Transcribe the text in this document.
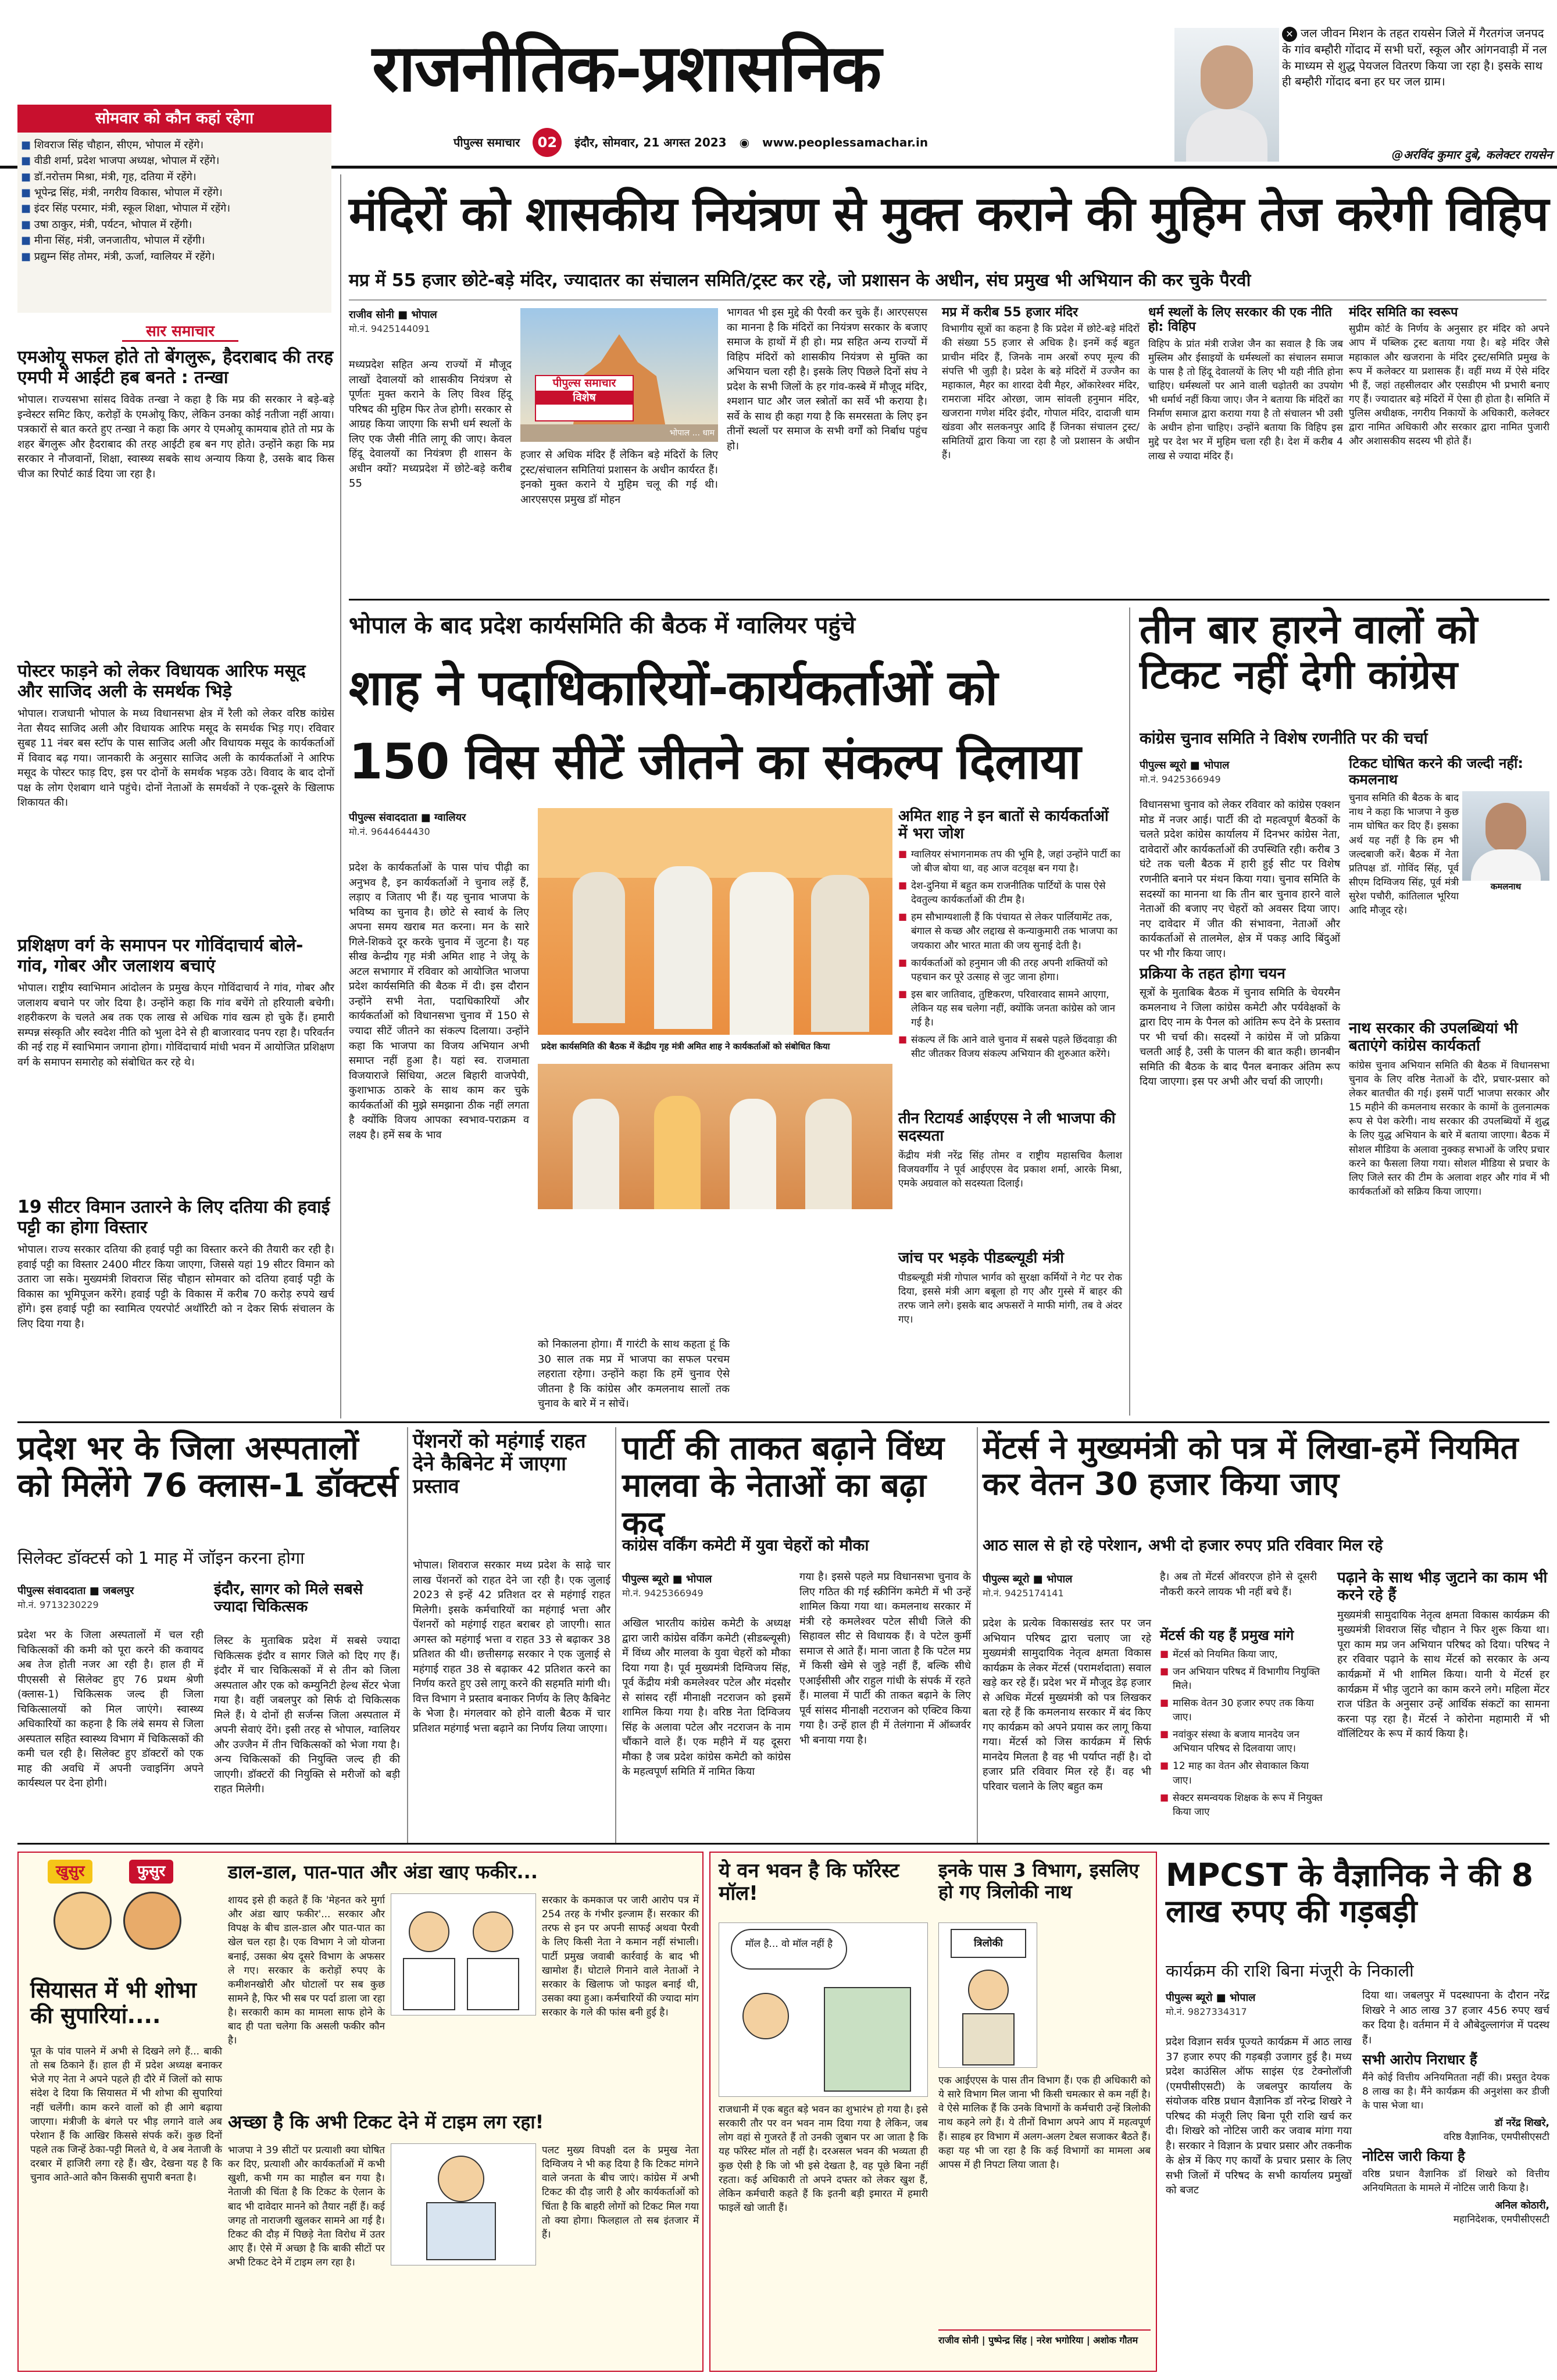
राजनीतिक-प्रशासनिक
पीपुल्स समाचार	02	इंदौर, सोमवार, 21 अगस्त 2023 ◉ www.peoplessamachar.in
✕ जल जीवन मिशन के तहत रायसेन जिले में गैरतगंज जनपद के गांव बम्हौरी गोंदाद में सभी घरों, स्कूल और आंगनवाड़ी में नल के माध्यम से शुद्ध पेयजल वितरण किया जा रहा है। इसके साथ ही बम्हौरी गोंदाद बना हर घर जल ग्राम।
@अरविंद कुमार दुबे, कलेक्टर रायसेन
सोमवार को कौन कहां रहेगा
■ शिवराज सिंह चौहान, सीएम, भोपाल में रहेंगे।
■ वीडी शर्मा, प्रदेश भाजपा अध्यक्ष, भोपाल में रहेंगे।
■ डॉ.नरोत्तम मिश्रा, मंत्री, गृह, दतिया में रहेंगे।
■ भूपेन्द्र सिंह, मंत्री, नगरीय विकास, भोपाल में रहेंगे।
■ इंदर सिंह परमार, मंत्री, स्कूल शिक्षा, भोपाल में रहेंगे।
■ उषा ठाकुर, मंत्री, पर्यटन, भोपाल में रहेंगी।
■ मीना सिंह, मंत्री, जनजातीय, भोपाल में रहेंगी।
■ प्रद्युम्न सिंह तोमर, मंत्री, ऊर्जा, ग्वालियर में रहेंगे।
सार समाचार
एमओयू सफल होते तो बेंगलुरू, हैदराबाद की तरह एमपी में आईटी हब बनते : तन्खा

भोपाल। राज्यसभा सांसद विवेक तन्खा ने कहा है कि मप्र की सरकार ने बड़े-बड़े इन्वेस्टर समिट किए, करोड़ों के एमओयू किए, लेकिन उनका कोई नतीजा नहीं आया। पत्रकारों से बात करते हुए तन्खा ने कहा कि अगर ये एमओयू कामयाब होते तो मप्र के शहर बेंगलुरू और हैदराबाद की तरह आईटी हब बन गए होते। उन्होंने कहा कि मप्र सरकार ने नौजवानों, शिक्षा, स्वास्थ्य सबके साथ अन्याय किया है, उसके बाद किस चीज का रिपोर्ट कार्ड दिया जा रहा है।

पोस्टर फाड़ने को लेकर विधायक आरिफ मसूद और साजिद अली के समर्थक भिड़े

भोपाल। राजधानी भोपाल के मध्य विधानसभा क्षेत्र में रैली को लेकर वरिष्ठ कांग्रेस नेता सैयद साजिद अली और विधायक आरिफ मसूद के समर्थक भिड़ गए। रविवार सुबह 11 नंबर बस स्टॉप के पास साजिद अली और विधायक मसूद के कार्यकर्ताओं में विवाद बढ़ गया। जानकारी के अनुसार साजिद अली के कार्यकर्ताओं ने आरिफ मसूद के पोस्टर फाड़ दिए, इस पर दोनों के समर्थक भड़क उठे। विवाद के बाद दोनों पक्ष के लोग ऐशबाग थाने पहुंचे। दोनों नेताओं के समर्थकों ने एक-दूसरे के खिलाफ शिकायत की।

प्रशिक्षण वर्ग के समापन पर गोविंदाचार्य बोले- गांव, गोबर और जलाशय बचाएं

भोपाल। राष्ट्रीय स्वाभिमान आंदोलन के प्रमुख केएन गोविंदाचार्य ने गांव, गोबर और जलाशय बचाने पर जोर दिया है। उन्होंने कहा कि गांव बचेंगे तो हरियाली बचेगी। शहरीकरण के चलते अब तक एक लाख से अधिक गांव खत्म हो चुके हैं। हमारी सम्पन्न संस्कृति और स्वदेश नीति को भुला देने से ही बाजारवाद पनप रहा है। परिवर्तन की नई राह में स्वाभिमान जगाना होगा। गोविंदाचार्य मांधी भवन में आयोजित प्रशिक्षण वर्ग के समापन समारोह को संबोधित कर रहे थे।

19 सीटर विमान उतारने के लिए दतिया की हवाई पट्टी का होगा विस्तार

भोपाल। राज्य सरकार दतिया की हवाई पट्टी का विस्तार करने की तैयारी कर रही है। हवाई पट्टी का विस्तार 2400 मीटर किया जाएगा, जिससे यहां 19 सीटर विमान को उतारा जा सके। मुख्यमंत्री शिवराज सिंह चौहान सोमवार को दतिया हवाई पट्टी के विकास का भूमिपूजन करेंगे। हवाई पट्टी के विकास में करीब 70 करोड़ रुपये खर्च होंगे। इस हवाई पट्टी का स्वामित्व एयरपोर्ट अथॉरिटी को न देकर सिर्फ संचालन के लिए दिया गया है।

मंदिरों को शासकीय नियंत्रण से मुक्त कराने की मुहिम तेज करेगी विहिप
मप्र में 55 हजार छोटे-बड़े मंदिर, ज्यादातर का संचालन समिति/ट्रस्ट कर रहे, जो प्रशासन के अधीन, संघ प्रमुख भी अभियान की कर चुके पैरवी
राजीव सोनी ■ भोपाल
मो.नं. 9425144091

मध्यप्रदेश सहित अन्य राज्यों में मौजूद लाखों देवालयों को शासकीय नियंत्रण से पूर्णतः मुक्त कराने के लिए विश्व हिंदू परिषद की मुहिम फिर तेज होगी। सरकार से आग्रह किया जाएगा कि सभी धर्म स्थलों के लिए एक जैसी नीति लागू की जाए। केवल हिंदू देवालयों का नियंत्रण ही शासन के अधीन क्यों? मध्यप्रदेश में छोटे-बड़े करीब 55

भोपाल ... धाम
पीपुल्स समाचार
विशेष

हजार से अधिक मंदिर हैं लेकिन बड़े मंदिरों के लिए ट्रस्ट/संचालन समितियां प्रशासन के अधीन कार्यरत हैं। इनको मुक्त कराने ये मुहिम चलू की गई थी। आरएसएस प्रमुख डॉ मोहन

भागवत भी इस मुद्दे की पैरवी कर चुके हैं। आरएसएस का मानना है कि मंदिरों का नियंत्रण सरकार के बजाए समाज के हाथों में ही हो। मप्र सहित अन्य राज्यों में विहिप मंदिरों को शासकीय नियंत्रण से मुक्ति का अभियान चला रही है। इसके लिए पिछले दिनों संघ ने प्रदेश के सभी जिलों के हर गांव-कस्बे में मौजूद मंदिर, श्मशान घाट और जल स्त्रोतों का सर्वे भी कराया है। सर्वे के साथ ही कहा गया है कि समरसता के लिए इन तीनों स्थलों पर समाज के सभी वर्गों को निर्बाध पहुंच हो।

मप्र में करीब 55 हजार मंदिर

विभागीय सूत्रों का कहना है कि प्रदेश में छोटे-बड़े मंदिरों की संख्या 55 हजार से अधिक है। इनमें कई बहुत प्राचीन मंदिर हैं, जिनके नाम अरबों रुपए मूल्य की संपत्ति भी जुड़ी है। प्रदेश के बड़े मंदिरों में उज्जैन का महाकाल, मैहर का शारदा देवी मैहर, ओंकारेश्वर मंदिर, रामराजा मंदिर ओरछा, जाम सांवली हनुमान मंदिर, खजराना गणेश मंदिर इंदौर, गोपाल मंदिर, दादाजी धाम खंडवा और सलकनपुर आदि हैं जिनका संचालन ट्रस्ट/समितियों द्वारा किया जा रहा है जो प्रशासन के अधीन हैं।

धर्म स्थलों के लिए सरकार की एक नीति हो: विहिप

विहिप के प्रांत मंत्री राजेश जैन का सवाल है कि जब मुस्लिम और ईसाइयों के धर्मस्थलों का संचालन समाज के पास है तो हिंदू देवालयों के लिए भी यही नीति होना चाहिए। धर्मस्थलों पर आने वाली चढ़ोतरी का उपयोग भी धर्मार्थ नहीं किया जाए। जैन ने बताया कि मंदिरों का निर्माण समाज द्वारा कराया गया है तो संचालन भी उसी के अधीन होना चाहिए। उन्होंने बताया कि विहिप इस मुद्दे पर देश भर में मुहिम चला रही है। देश में करीब 4 लाख से ज्यादा मंदिर हैं।

मंदिर समिति का स्वरूप

सुप्रीम कोर्ट के निर्णय के अनुसार हर मंदिर को अपने आप में पब्लिक ट्रस्ट बताया गया है। बड़े मंदिर जैसे महाकाल और खजराना के मंदिर ट्रस्ट/समिति प्रमुख के रूप में कलेक्टर या प्रशासक हैं। वहीं मध्य में ऐसे मंदिर भी हैं, जहां तहसीलदार और एसडीएम भी प्रभारी बनाए गए हैं। ज्यादातर बड़े मंदिरों में ऐसा ही होता है। समिति में पुलिस अधीक्षक, नगरीय निकायों के अधिकारी, कलेक्टर द्वारा नामित अधिकारी और सरकार द्वारा नामित पुजारी और अशासकीय सदस्य भी होते हैं।

भोपाल के बाद प्रदेश कार्यसमिति की बैठक में ग्वालियर पहुंचे
शाह ने पदाधिकारियों-कार्यकर्ताओं को
150 विस सीटें जीतने का संकल्प दिलाया
पीपुल्स संवाददाता ■ ग्वालियर
मो.नं. 9644644430

प्रदेश के कार्यकर्ताओं के पास पांच पीढ़ी का अनुभव है, इन कार्यकर्ताओं ने चुनाव लड़ें हैं, लड़ाए व जिताए भी हैं। यह चुनाव भाजपा के भविष्य का चुनाव है। छोटे से स्वार्थ के लिए अपना समय खराब मत करना। मन के सारे गिले-शिकवे दूर करके चुनाव में जुटना है। यह सीख केन्द्रीय गृह मंत्री अमित शाह ने जेयू के अटल सभागार में रविवार को आयोजित भाजपा प्रदेश कार्यसमिति की बैठक में दी। इस दौरान उन्होंने सभी नेता, पदाधिकारियों और कार्यकर्ताओं को विधानसभा चुनाव में 150 से ज्यादा सीटें जीतने का संकल्प दिलाया। उन्होंने कहा कि भाजपा का विजय अभियान अभी समाप्त नहीं हुआ है। यहां स्व. राजमाता विजयाराजे सिंधिया, अटल बिहारी वाजपेयी, कुशाभाऊ ठाकरे के साथ काम कर चुके कार्यकर्ताओं की मुझे समझाना ठीक नहीं लगता है क्योंकि विजय आपका स्वभाव-पराक्रम व लक्ष्य है। हमें सब के भाव

प्रदेश कार्यसमिति की बैठक में केंद्रीय गृह मंत्री अमित शाह ने कार्यकर्ताओं को संबोधित किया

को निकालना होगा। मैं गारंटी के साथ कहता हूं कि 30 साल तक मप्र में भाजपा का सफल परचम लहराता रहेगा। उन्होंने कहा कि हमें चुनाव ऐसे जीतना है कि कांग्रेस और कमलनाथ सालों तक चुनाव के बारे में न सोचें।

अमित शाह ने इन बातों से कार्यकर्ताओं में भरा जोश
■ ग्वालियर संभागनामक तप की भूमि है, जहां उन्होंने पार्टी का जो बीज बोया था, वह आज वटवृक्ष बन गया है।
■ देश-दुनिया में बहुत कम राजनीतिक पार्टियों के पास ऐसे देवतुल्य कार्यकर्ताओं की टीम है।
■ हम सौभाग्यशाली हैं कि पंचायत से लेकर पार्लियामेंट तक, बंगाल से कच्छ और लद्दाख से कन्याकुमारी तक भाजपा का जयकारा और भारत माता की जय सुनाई देती है।
■ कार्यकर्ताओं को हनुमान जी की तरह अपनी शक्तियों को पहचान कर पूरे उत्साह से जुट जाना होगा।
■ इस बार जातिवाद, तुष्टिकरण, परिवारवाद सामने आएगा, लेकिन यह सब चलेगा नहीं, क्योंकि जनता कांग्रेस को जान गई है।
■ संकल्प लें कि आने वाले चुनाव में सबसे पहले छिंदवाड़ा की सीट जीतकर विजय संकल्प अभियान की शुरुआत करेंगे।
तीन रिटायर्ड आईएएस ने ली भाजपा की सदस्यता

केंद्रीय मंत्री नरेंद्र सिंह तोमर व राष्ट्रीय महासचिव कैलाश विजयवर्गीय ने पूर्व आईएएस वेद प्रकाश शर्मा, आरके मिश्रा, एमके अग्रवाल को सदस्यता दिलाई।

जांच पर भड़के पीडब्ल्यूडी मंत्री

पीडब्ल्यूडी मंत्री गोपाल भार्गव को सुरक्षा कर्मियों ने गेट पर रोक दिया, इससे मंत्री आग बबूला हो गए और गुस्से में बाहर की तरफ जाने लगे। इसके बाद अफसरों ने माफी मांगी, तब वे अंदर गए।

तीन बार हारने वालों को टिकट नहीं देगी कांग्रेस
कांग्रेस चुनाव समिति ने विशेष रणनीति पर की चर्चा
पीपुल्स ब्यूरो ■ भोपाल
मो.नं. 9425366949

विधानसभा चुनाव को लेकर रविवार को कांग्रेस एक्शन मोड में नजर आई। पार्टी की दो महत्वपूर्ण बैठकों के चलते प्रदेश कांग्रेस कार्यालय में दिनभर कांग्रेस नेता, दावेदारों और कार्यकर्ताओं की उपस्थिति रही। करीब 3 घंटे तक चली बैठक में हारी हुई सीट पर विशेष रणनीति बनाने पर मंथन किया गया। चुनाव समिति के सदस्यों का मानना था कि तीन बार चुनाव हारने वाले नेताओं की बजाए नए चेहरों को अवसर दिया जाए। नए दावेदार में जीत की संभावना, नेताओं और कार्यकर्ताओं से तालमेल, क्षेत्र में पकड़ आदि बिंदुओं पर भी गौर किया जाए।

प्रक्रिया के तहत होगा चयन

सूत्रों के मुताबिक बैठक में चुनाव समिति के चेयरमैन कमलनाथ ने जिला कांग्रेस कमेटी और पर्यवेक्षकों के द्वारा दिए नाम के पैनल को आंतिम रूप देने के प्रस्ताव पर भी चर्चा की। सदस्यों ने कांग्रेस में जो प्रक्रिया चलती आई है, उसी के पालन की बात कही। छानबीन समिति की बैठक के बाद पैनल बनाकर अंतिम रूप दिया जाएगा। इस पर अभी और चर्चा की जाएगी।

टिकट घोषित करने की जल्दी नहीं: कमलनाथ
कमलनाथ

चुनाव समिति की बैठक के बाद नाथ ने कहा कि भाजपा ने कुछ नाम घोषित कर दिए हैं। इसका अर्थ यह नहीं है कि हम भी जल्दबाजी करें। बैठक में नेता प्रतिपक्ष डॉ. गोविंद सिंह, पूर्व सीएम दिग्विजय सिंह, पूर्व मंत्री सुरेश पचौरी, कांतिलाल भूरिया आदि मौजूद रहे।

नाथ सरकार की उपलब्धियां भी बताएंगे कांग्रेस कार्यकर्ता

कांग्रेस चुनाव अभियान समिति की बैठक में विधानसभा चुनाव के लिए वरिष्ठ नेताओं के दौरे, प्रचार-प्रसार को लेकर बातचीत की गई। इसमें पार्टी भाजपा सरकार और 15 महीने की कमलनाथ सरकार के कामों के तुलनात्मक रूप से पेश करेगी। नाथ सरकार की उपलब्धियों में शुद्ध के लिए युद्ध अभियान के बारे में बताया जाएगा। बैठक में सोशल मीडिया के अलावा नुक्कड़ सभाओं के जरिए प्रचार करने का फैसला लिया गया। सोशल मीडिया से प्रचार के लिए जिले स्तर की टीम के अलावा शहर और गांव में भी कार्यकर्ताओं को सक्रिय किया जाएगा।

प्रदेश भर के जिला अस्पतालों को मिलेंगे 76 क्लास-1 डॉक्टर्स
सिलेक्ट डॉक्टर्स को 1 माह में जॉइन करना होगा
पीपुल्स संवाददाता ■ जबलपुर
मो.नं. 9713230229

प्रदेश भर के जिला अस्पतालों में चल रही चिकित्सकों की कमी को पूरा करने की कवायद अब तेज होती नजर आ रही है। हाल ही में पीएससी से सिलेक्ट हुए 76 प्रथम श्रेणी (क्लास-1) चिकित्सक जल्द ही जिला चिकित्सालयों को मिल जाएंगे। स्वास्थ्य अधिकारियों का कहना है कि लंबे समय से जिला अस्पताल सहित स्वास्थ्य विभाग में चिकित्सकों की कमी चल रही है। सिलेक्ट हुए डॉक्टरों को एक माह की अवधि में अपनी ज्वाइनिंग अपने कार्यस्थल पर देना होगी।

इंदौर, सागर को मिले सबसे ज्यादा चिकित्सक

लिस्ट के मुताबिक प्रदेश में सबसे ज्यादा चिकित्सक इंदौर व सागर जिले को दिए गए हैं। इंदौर में चार चिकित्सकों में से तीन को जिला अस्पताल और एक को कम्युनिटी हेल्थ सेंटर भेजा गया है। वहीं जबलपुर को सिर्फ दो चिकित्सक मिले हैं। ये दोनों ही सर्जन्स जिला अस्पताल में अपनी सेवाएं देंगे। इसी तरह से भोपाल, ग्वालियर और उज्जैन में तीन चिकित्सकों को भेजा गया है। अन्य चिकित्सकों की नियुक्ति जल्द ही की जाएगी। डॉक्टरों की नियुक्ति से मरीजों को बड़ी राहत मिलेगी।

पेंशनरों को महंगाई राहत देने कैबिनेट में जाएगा प्रस्ताव

भोपाल। शिवराज सरकार मध्य प्रदेश के साढ़े चार लाख पेंशनरों को राहत देने जा रही है। एक जुलाई 2023 से इन्हें 42 प्रतिशत दर से महंगाई राहत मिलेगी। इसके कर्मचारियों का महंगाई भत्ता और पेंशनरों को महंगाई राहत बराबर हो जाएगी। सात अगस्त को महंगाई भत्ता व राहत 33 से बढ़ाकर 38 प्रतिशत की थी। छत्तीसगढ़ सरकार ने एक जुलाई से महंगाई राहत 38 से बढ़ाकर 42 प्रतिशत करने का निर्णय करते हुए उसे लागू करने की सहमति मांगी थी। वित्त विभाग ने प्रस्ताव बनाकर निर्णय के लिए कैबिनेट के भेजा है। मंगलवार को होने वाली बैठक में चार प्रतिशत महंगाई भत्ता बढ़ाने का निर्णय लिया जाएगा।

पार्टी की ताकत बढ़ाने विंध्य मालवा के नेताओं का बढ़ा कद
कांग्रेस वर्किंग कमेटी में युवा चेहरों को मौका
पीपुल्स ब्यूरो ■ भोपाल
मो.नं. 9425366949

अखिल भारतीय कांग्रेस कमेटी के अध्यक्ष द्वारा जारी कांग्रेस वर्किंग कमेटी (सीडब्ल्यूसी) में विंध्य और मालवा के युवा चेहरों को मौका दिया गया है। पूर्व मुख्यमंत्री दिग्विजय सिंह, पूर्व केंद्रीय मंत्री कमलेश्वर पटेल और मंदसौर से सांसद रहीं मीनाक्षी नटराजन को इसमें शामिल किया गया है। वरिष्ठ नेता दिग्विजय सिंह के अलावा पटेल और नटराजन के नाम चौंकाने वाले हैं। एक महीने में यह दूसरा मौका है जब प्रदेश कांग्रेस कमेटी को कांग्रेस के महत्वपूर्ण समिति में नामित किया

गया है। इससे पहले मप्र विधानसभा चुनाव के लिए गठित की गई स्क्रीनिंग कमेटी में भी उन्हें शामिल किया गया था। कमलनाथ सरकार में मंत्री रहे कमलेश्वर पटेल सीधी जिले की सिहावल सीट से विधायक हैं। वे पटेल कुर्मी समाज से आते हैं। माना जाता है कि पटेल मप्र में किसी खेमे से जुड़े नहीं हैं, बल्कि सीधे एआईसीसी और राहुल गांधी के संपर्क में रहते हैं। मालवा में पार्टी की ताकत बढ़ाने के लिए पूर्व सांसद मीनाक्षी नटराजन को एक्टिव किया गया है। उन्हें हाल ही में तेलंगाना में ऑब्जर्वर भी बनाया गया है।

मेंटर्स ने मुख्यमंत्री को पत्र में लिखा-हमें नियमित कर वेतन 30 हजार किया जाए
आठ साल से हो रहे परेशान, अभी दो हजार रुपए प्रति रविवार मिल रहे
पीपुल्स ब्यूरो ■ भोपाल
मो.नं. 9425174141

प्रदेश के प्रत्येक विकासखंड स्तर पर जन अभियान परिषद द्वारा चलाए जा रहे मुख्यमंत्री सामुदायिक नेतृत्व क्षमता विकास कार्यक्रम के लेकर मेंटर्स (परामर्शदाता) सवाल खड़े कर रहे हैं। प्रदेश भर में मौजूद डेढ़ हजार से अधिक मेंटर्स मुख्यमंत्री को पत्र लिखकर बता रहे हैं कि कमलनाथ सरकार में बंद किए गए कार्यक्रम को अपने प्रयास कर लागू किया गया। मेंटर्स को जिस कार्यक्रम में सिर्फ मानदेय मिलता है वह भी पर्याप्त नहीं है। दो हजार प्रति रविवार मिल रहे हैं। वह भी परिवार चलाने के लिए बहुत कम

है। अब तो मेंटर्स ऑवरएज होने से दूसरी नौकरी करने लायक भी नहीं बचे हैं।

मेंटर्स की यह हैं प्रमुख मांगे
■ मेंटर्स को नियमित किया जाए,
■ जन अभियान परिषद में विभागीय नियुक्ति मिले।
■ मासिक वेतन 30 हजार रुपए तक किया जाए।
■ नवांकुर संस्था के बजाय मानदेय जन अभियान परिषद से दिलवाया जाए।
■ 12 माह का वेतन और सेवाकाल किया जाए।
■ सेक्टर समन्वयक शिक्षक के रूप में नियुक्त किया जाए
पढ़ाने के साथ भीड़ जुटाने का काम भी करने रहे हैं

मुख्यमंत्री सामुदायिक नेतृत्व क्षमता विकास कार्यक्रम की मुख्यमंत्री शिवराज सिंह चौहान ने फिर शुरू किया था। पूरा काम मप्र जन अभियान परिषद को दिया। परिषद ने हर रविवार पढ़ाने के साथ मेंटर्स को सरकार के अन्य कार्यक्रमों में भी शामिल किया। यानी ये मेंटर्स हर कार्यक्रम में भीड़ जुटाने का काम करने लगे। महिला मेंटर राज पंडित के अनुसार उन्हें आर्थिक संकटों का सामना करना पड़ रहा है। मेंटर्स ने कोरोना महामारी में भी वॉलिंटियर के रूप में कार्य किया है।

खुसुर	फुसुर
सियासत में भी शोभा की सुपारियां....

पूत के पांव पालने में अभी से दिखने लगे हैं... बाकी तो सब ठिकाने हैं। हाल ही में प्रदेश अध्यक्ष बनाकर भेजे गए नेता ने अपने पहले ही दौरे में जिलों को साफ संदेश दे दिया कि सियासत में भी शोभा की सुपारियां नहीं चलेंगी। काम करने वालों को ही आगे बढ़ाया जाएगा। मंत्रीजी के बंगले पर भीड़ लगाने वाले अब परेशान हैं कि आखिर किससे संपर्क करें। कुछ दिनों पहले तक जिन्हें ठेका-पट्टी मिलते थे, वे अब नेताजी के दरबार में हाजिरी लगा रहे हैं। खैर, देखना यह है कि चुनाव आते-आते कौन किसकी सुपारी बनता है।

डाल-डाल, पात-पात और अंडा खाए फकीर...

शायद इसे ही कहते हैं कि 'मेहनत करे मुर्गा और अंडा खाए फकीर'... सरकार और विपक्ष के बीच डाल-डाल और पात-पात का खेल चल रहा है। एक विभाग ने जो योजना बनाई, उसका श्रेय दूसरे विभाग के अफसर ले गए। सरकार के करोड़ों रुपए के कमीशनखोरी और घोटालों पर सब कुछ सामने है, फिर भी सब पर पर्दा डाला जा रहा है। सरकारी काम का मामला साफ होने के बाद ही पता चलेगा कि असली फकीर कौन है।

सरकार के कमकाज पर जारी आरोप पत्र में 254 तरह के गंभीर इल्जाम हैं। सरकार की तरफ से इन पर अपनी साफई अथवा पैरवी के लिए किसी नेता ने कमान नहीं संभाली। पार्टी प्रमुख जवाबी कार्रवाई के बाद भी खामोश हैं। घोटाले गिनाने वाले नेताओं ने सरकार के खिलाफ जो फाइल बनाई थी, उसका क्या हुआ। कर्मचारियों की ज्यादा मांग सरकार के गले की फांस बनी हुई है।

अच्छा है कि अभी टिकट देने में टाइम लग रहा!

भाजपा ने 39 सीटों पर प्रत्याशी क्या घोषित कर दिए, प्रत्याशी और कार्यकर्ताओं में कभी खुशी, कभी गम का माहौल बन गया है। नेताजी की चिंता है कि टिकट के ऐलान के बाद भी दावेदार मानने को तैयार नहीं हैं। कई जगह तो नाराजगी खुलकर सामने आ गई है। टिकट की दौड़ में पिछड़े नेता विरोध में उतर आए हैं। ऐसे में अच्छा है कि बाकी सीटों पर अभी टिकट देने में टाइम लग रहा है।

पलट मुख्य विपक्षी दल के प्रमुख नेता दिग्विजय ने भी कह दिया है कि टिकट मांगने वाले जनता के बीच जाएं। कांग्रेस में अभी टिकट की दौड़ जारी है और कार्यकर्ताओं को चिंता है कि बाहरी लोगों को टिकट मिल गया तो क्या होगा। फिलहाल तो सब इंतजार में हैं।

ये वन भवन है कि फॉरेस्ट मॉल!
मॉल है... वो मॉल नहीं है

राजधानी में एक बहुत बड़े भवन का शुभारंभ हो गया है। इसे सरकारी तौर पर वन भवन नाम दिया गया है लेकिन, जब लोग वहां से गुजरते हैं तो उनकी जुबान पर आ जाता है कि यह फॉरेस्ट मॉल तो नहीं है। दरअसल भवन की भव्यता ही कुछ ऐसी है कि जो भी इसे देखता है, वह पूछे बिना नहीं रहता। कई अधिकारी तो अपने दफ्तर को लेकर खुश हैं, लेकिन कर्मचारी कहते हैं कि इतनी बड़ी इमारत में हमारी फाइलें खो जाती हैं।

इनके पास 3 विभाग, इसलिए हो गए त्रिलोकी नाथ
त्रिलोकी

एक आईएएस के पास तीन विभाग हैं। एक ही अधिकारी को ये सारे विभाग मिल जाना भी किसी चमत्कार से कम नहीं है। वे ऐसे मालिक हैं कि उनके विभागों के कर्मचारी उन्हें त्रिलोकी नाथ कहने लगे हैं। ये तीनों विभाग अपने आप में महत्वपूर्ण हैं। साहब हर विभाग में अलग-अलग टेबल सजाकर बैठते हैं। कहा यह भी जा रहा है कि कई विभागों का मामला अब आपस में ही निपटा लिया जाता है।

राजीव सोनी | पुष्पेन्द्र सिंह | नरेश भगोरिया | अशोक गौतम
MPCST के वैज्ञानिक ने की 8 लाख रुपए की गड़बड़ी
कार्यक्रम की राशि बिना मंजूरी के निकाली
पीपुल्स ब्यूरो ■ भोपाल
मो.नं. 9827334317

प्रदेश विज्ञान सर्वत्र पूज्यते कार्यक्रम में आठ लाख 37 हजार रुपए की गड़बड़ी उजागर हुई है। मध्य प्रदेश काउंसिल ऑफ साइंस एंड टेक्नोलॉजी (एमपीसीएसटी) के जबलपुर कार्यालय के संयोजक वरिष्ठ प्रधान वैज्ञानिक डॉ नरेन्द्र शिखरे ने परिषद की मंजूरी लिए बिना पूरी राशि खर्च कर दी। शिखरे को नोटिस जारी कर जवाब मांगा गया है। सरकार ने विज्ञान के प्रचार प्रसार और तकनीक के क्षेत्र में किए गए कार्यों के प्रचार प्रसार के लिए सभी जिलों में परिषद के सभी कार्यालय प्रमुखों को बजट

दिया था। जबलपुर में पदस्थापना के दौरान नरेंद्र शिखरे ने आठ लाख 37 हजार 456 रुपए खर्च कर दिया है। वर्तमान में वे औबेदुल्लागंज में पदस्थ हैं।

सभी आरोप निराधार हैं

मैंने कोई वित्तीय अनियमितता नहीं की। प्रस्तुत देयक 8 लाख का है। मैंने कार्यक्रम की अनुशंसा कर डीजी के पास भेजा था।

डॉ नरेंद्र शिखरे,
वरिष्ठ वैज्ञानिक, एमपीसीएसटी
नोटिस जारी किया है

वरिष्ठ प्रधान वैज्ञानिक डॉ शिखरे को वित्तीय अनियमितता के मामले में नोटिस जारी किया है।

अनिल कोठारी,
महानिदेशक, एमपीसीएसटी
